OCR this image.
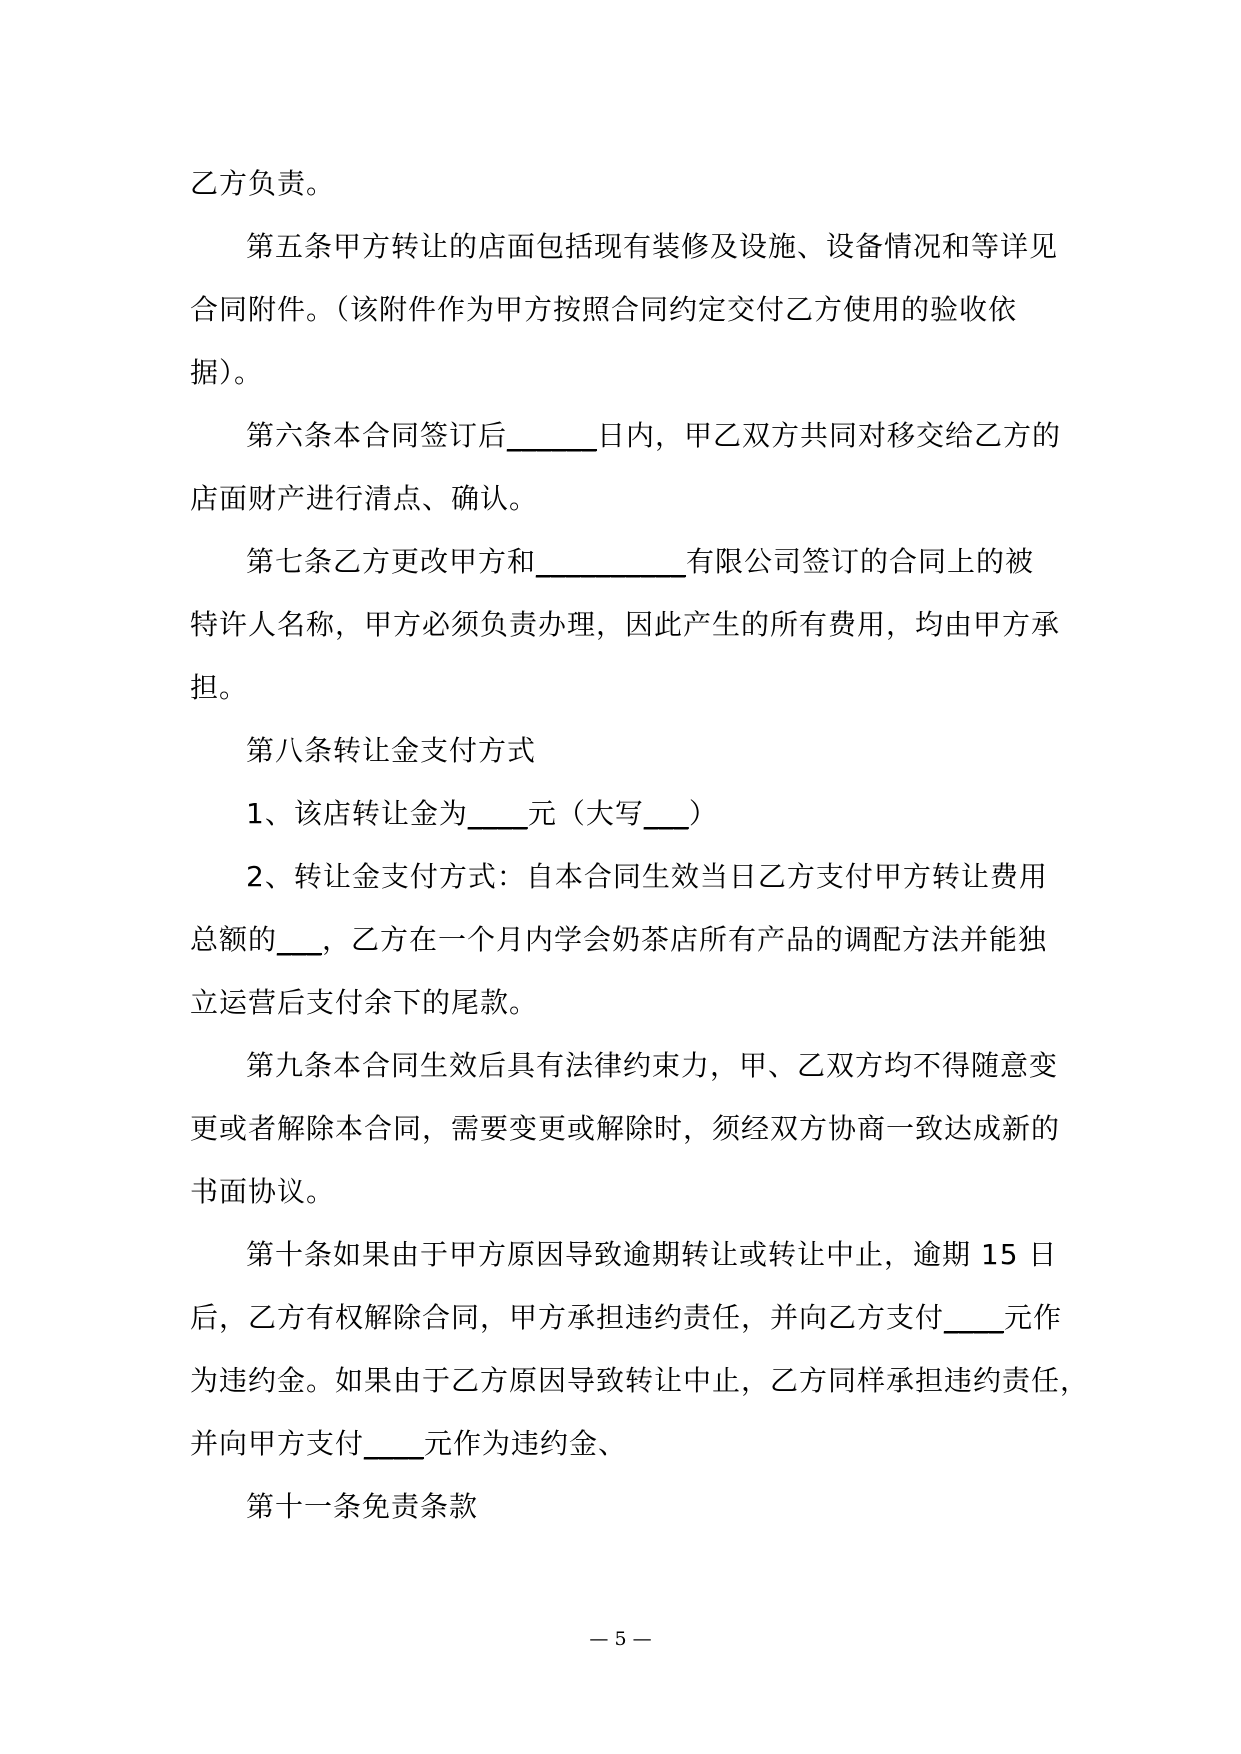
乙方负责。
第五条甲方转让的店面包括现有装修及设施、设备情况和等详见
合同附件。（该附件作为甲方按照合同约定交付乙方使用的验收依
据）。
第六条本合同签订后______日内，甲乙双方共同对移交给乙方的
店面财产进行清点、确认。
第七条乙方更改甲方和__________有限公司签订的合同上的被
特许人名称，甲方必须负责办理，因此产生的所有费用，均由甲方承
担。
第八条转让金支付方式
1、该店转让金为____元（大写___）
2、转让金支付方式：自本合同生效当日乙方支付甲方转让费用
总额的___，乙方在一个月内学会奶茶店所有产品的调配方法并能独
立运营后支付余下的尾款。
第九条本合同生效后具有法律约束力，甲、乙双方均不得随意变
更或者解除本合同，需要变更或解除时，须经双方协商一致达成新的
书面协议。
第十条如果由于甲方原因导致逾期转让或转让中止，逾期 15 日
后，乙方有权解除合同，甲方承担违约责任，并向乙方支付____元作
为违约金。如果由于乙方原因导致转让中止，乙方同样承担违约责任，
并向甲方支付____元作为违约金、
第十一条免责条款
— 5 —
